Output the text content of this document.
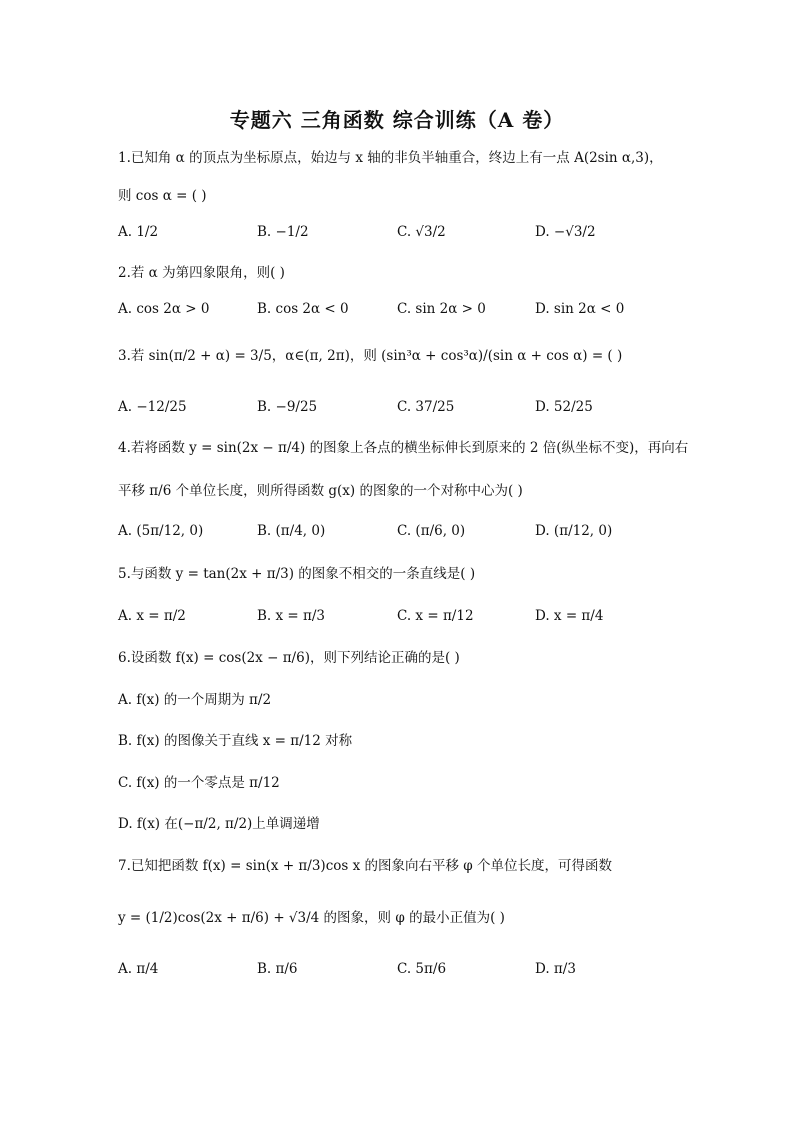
专题六 三角函数 综合训练（A 卷）
1.已知角 α 的顶点为坐标原点，始边与 x 轴的非负半轴重合，终边上有一点 A(2sin α,3)，
则 cos α = ( )
A. 1/2	B. −1/2	C. √3/2	D. −√3/2
2.若 α 为第四象限角，则( )
A. cos 2α > 0	B. cos 2α < 0	C. sin 2α > 0	D. sin 2α < 0
3.若 sin(π/2 + α) = 3/5，α∈(π, 2π)，则 (sin³α + cos³α)/(sin α + cos α) = ( )
A. −12/25	B. −9/25	C. 37/25	D. 52/25
4.若将函数 y = sin(2x − π/4) 的图象上各点的横坐标伸长到原来的 2 倍(纵坐标不变)，再向右
平移 π/6 个单位长度，则所得函数 g(x) 的图象的一个对称中心为( )
A. (5π/12, 0)	B. (π/4, 0)	C. (π/6, 0)	D. (π/12, 0)
5.与函数 y = tan(2x + π/3) 的图象不相交的一条直线是( )
A. x = π/2	B. x = π/3	C. x = π/12	D. x = π/4
6.设函数 f(x) = cos(2x − π/6)，则下列结论正确的是( )
A. f(x) 的一个周期为 π/2
B. f(x) 的图像关于直线 x = π/12 对称
C. f(x) 的一个零点是 π/12
D. f(x) 在(−π/2, π/2)上单调递增
7.已知把函数 f(x) = sin(x + π/3)cos x 的图象向右平移 φ 个单位长度，可得函数
y = (1/2)cos(2x + π/6) + √3/4 的图象，则 φ 的最小正值为( )
A. π/4	B. π/6	C. 5π/6	D. π/3
